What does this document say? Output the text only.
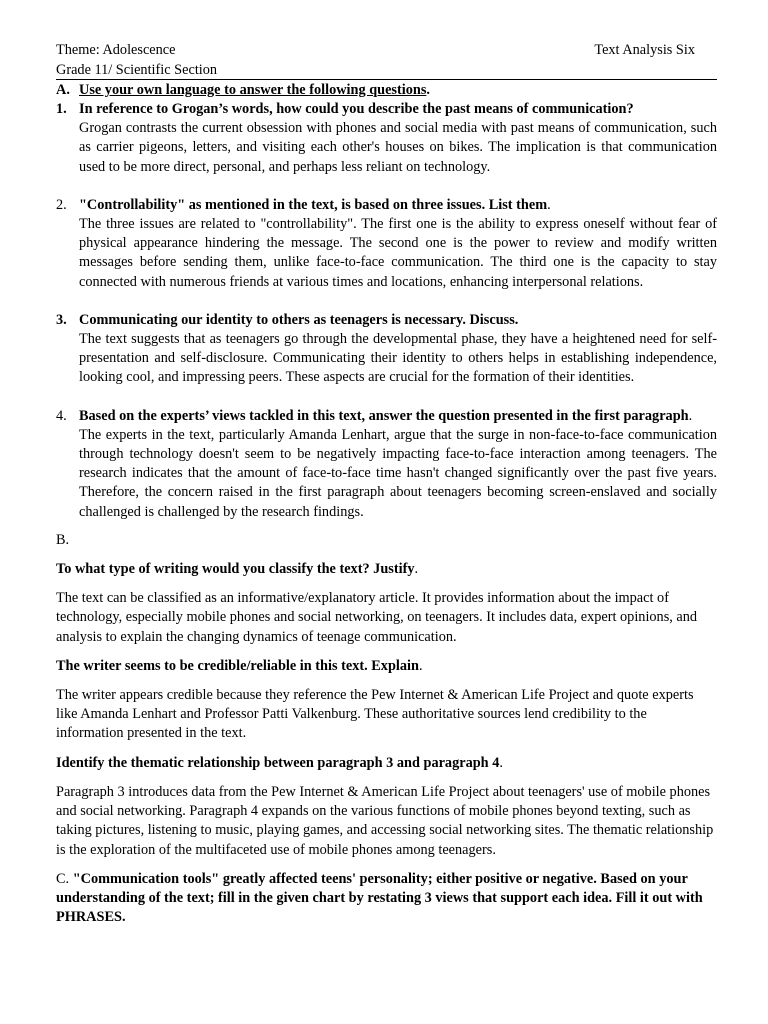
Theme: Adolescence
Grade 11/ Scientific Section
Text Analysis Six
A. Use your own language to answer the following questions.
1. In reference to Grogan’s words, how could you describe the past means of communication?
Grogan contrasts the current obsession with phones and social media with past means of communication, such as carrier pigeons, letters, and visiting each other's houses on bikes. The implication is that communication used to be more direct, personal, and perhaps less reliant on technology.
2. "Controllability" as mentioned in the text, is based on three issues. List them.
The three issues are related to "controllability". The first one is the ability to express oneself without fear of physical appearance hindering the message. The second one is the power to review and modify written messages before sending them, unlike face-to-face communication. The third one is the capacity to stay connected with numerous friends at various times and locations, enhancing interpersonal relations.
3. Communicating our identity to others as teenagers is necessary. Discuss.
The text suggests that as teenagers go through the developmental phase, they have a heightened need for self-presentation and self-disclosure. Communicating their identity to others helps in establishing independence, looking cool, and impressing peers. These aspects are crucial for the formation of their identities.
4. Based on the experts’ views tackled in this text, answer the question presented in the first paragraph.
The experts in the text, particularly Amanda Lenhart, argue that the surge in non-face-to-face communication through technology doesn't seem to be negatively impacting face-to-face interaction among teenagers. The research indicates that the amount of face-to-face time hasn't changed significantly over the past five years. Therefore, the concern raised in the first paragraph about teenagers becoming screen-enslaved and socially challenged is challenged by the research findings.
B.
To what type of writing would you classify the text? Justify.
The text can be classified as an informative/explanatory article. It provides information about the impact of technology, especially mobile phones and social networking, on teenagers. It includes data, expert opinions, and analysis to explain the changing dynamics of teenage communication.
The writer seems to be credible/reliable in this text. Explain.
The writer appears credible because they reference the Pew Internet & American Life Project and quote experts like Amanda Lenhart and Professor Patti Valkenburg. These authoritative sources lend credibility to the information presented in the text.
Identify the thematic relationship between paragraph 3 and paragraph 4.
Paragraph 3 introduces data from the Pew Internet & American Life Project about teenagers' use of mobile phones and social networking. Paragraph 4 expands on the various functions of mobile phones beyond texting, such as taking pictures, listening to music, playing games, and accessing social networking sites. The thematic relationship is the exploration of the multifaceted use of mobile phones among teenagers.
C. "Communication tools" greatly affected teens' personality; either positive or negative. Based on your understanding of the text; fill in the given chart by restating 3 views that support each idea. Fill it out with PHRASES.
